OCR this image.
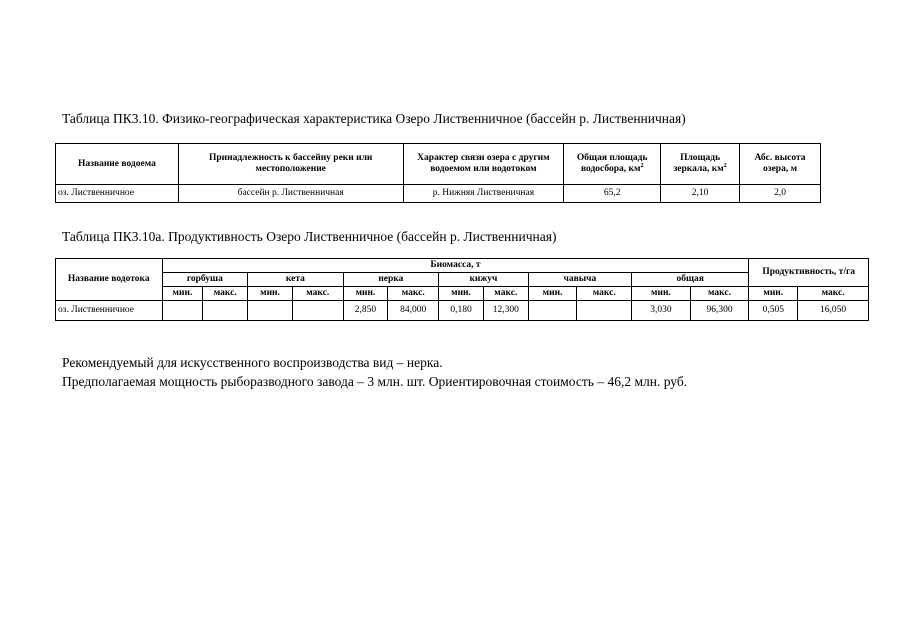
Таблица ПК3.10. Физико-географическая характеристика Озеро Лиственничное (бассейн р. Лиственничная)
Название водоема	Принадлежность к бассейну реки или местоположение	Характер связи озера с другим водоемом или водотоком	Общая площадь водосбора, $км^2$	Площадь зеркала, $км^2$	Абс. высота озера, м
оз. Лиственничное	бассейн р. Лиственничная	р. Нижняя Лиственичная	65,2	2,10	2,0
Таблица ПК3.10а. Продуктивность Озеро Лиственничное (бассейн р. Лиственничная)
Название водотока	Биомасса, т												Продуктивность, т/га	
	горбуша		кета		нерка		кижуч		чавыча		общая			
	мин.	макс.	мин.	макс.	мин.	макс.	мин.	макс.	мин.	макс.	мин.	макс.	мин.	макс.
оз. Лиственничное					2,850	84,000	0,180	12,300			3,030	96,300	0,505	16,050
Рекомендуемый для искусственного воспроизводства вид – нерка.
Предполагаемая мощность рыборазводного завода – 3 млн. шт. Ориентировочная стоимость – 46,2 млн. руб.
